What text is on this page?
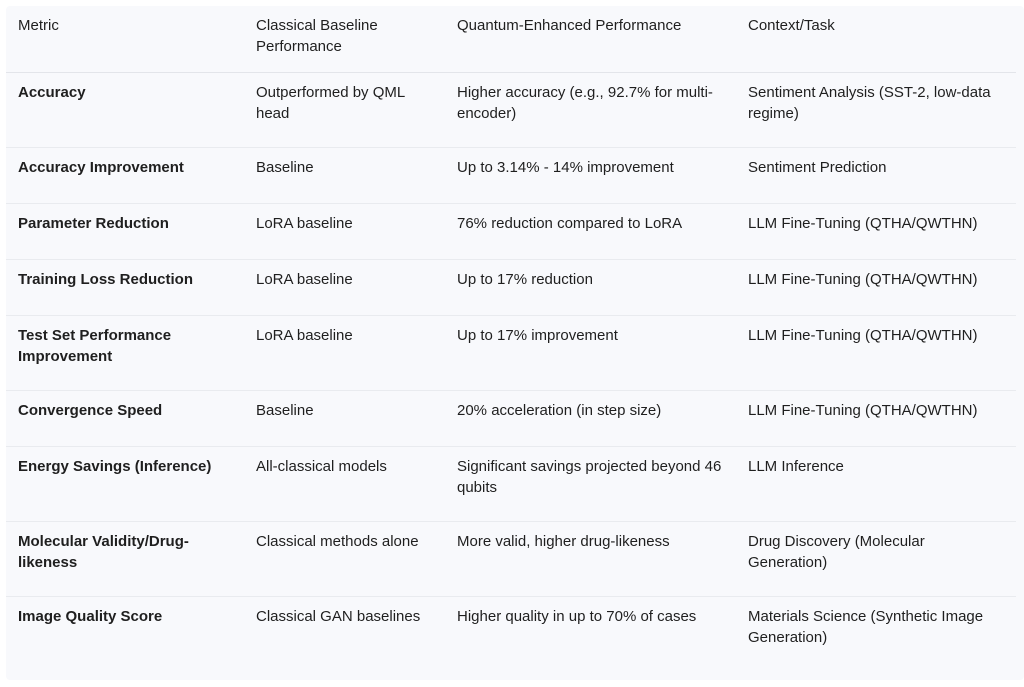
Metric	Classical Baseline Performance	Quantum-Enhanced Performance	Context/Task
Accuracy	Outperformed by QML head	Higher accuracy (e.g., 92.7% for multi-encoder)	Sentiment Analysis (SST-2, low-data regime)
Accuracy Improvement	Baseline	Up to 3.14% - 14% improvement	Sentiment Prediction
Parameter Reduction	LoRA baseline	76% reduction compared to LoRA	LLM Fine-Tuning (QTHA/QWTHN)
Training Loss Reduction	LoRA baseline	Up to 17% reduction	LLM Fine-Tuning (QTHA/QWTHN)
Test Set Performance Improvement	LoRA baseline	Up to 17% improvement	LLM Fine-Tuning (QTHA/QWTHN)
Convergence Speed	Baseline	20% acceleration (in step size)	LLM Fine-Tuning (QTHA/QWTHN)
Energy Savings (Inference)	All-classical models	Significant savings projected beyond 46 qubits	LLM Inference
Molecular Validity/Drug-likeness	Classical methods alone	More valid, higher drug-likeness	Drug Discovery (Molecular Generation)
Image Quality Score	Classical GAN baselines	Higher quality in up to 70% of cases	Materials Science (Synthetic Image Generation)
